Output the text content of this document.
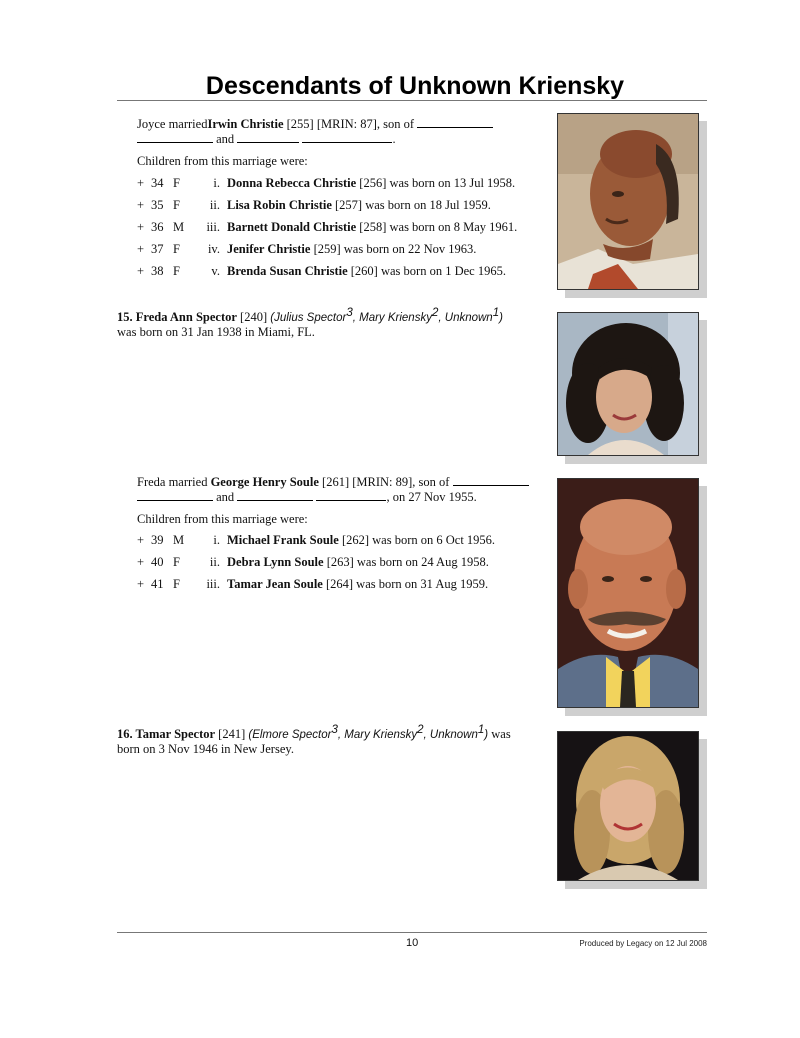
Descendants of Unknown Kriensky
Joyce marriedIrwin Christie [255] [MRIN: 87], son of
and	.
Children from this marriage were:
+ 34 F	i. Donna Rebecca Christie [256] was born on 13 Jul 1958.
+ 35 F	ii. Lisa Robin Christie [257] was born on 18 Jul 1959.
+ 36 M	iii. Barnett Donald Christie [258] was born on 8 May 1961.
+ 37 F	iv. Jenifer Christie [259] was born on 22 Nov 1963.
+ 38 F	v. Brenda Susan Christie [260] was born on 1 Dec 1965.
15. Freda Ann Spector [240] (Julius Spector$^3$, Mary Kriensky$^2$, Unknown$^1$)
was born on 31 Jan 1938 in Miami, FL.
Freda married George Henry Soule [261] [MRIN: 89], son of
and	, on 27 Nov 1955.
Children from this marriage were:
+ 39 M	i. Michael Frank Soule [262] was born on 6 Oct 1956.
+ 40 F	ii. Debra Lynn Soule [263] was born on 24 Aug 1958.
+ 41 F	iii. Tamar Jean Soule [264] was born on 31 Aug 1959.
16. Tamar Spector [241] (Elmore Spector$^3$, Mary Kriensky$^2$, Unknown$^1$) was
born on 3 Nov 1946 in New Jersey.
10	Produced by Legacy on 12 Jul 2008
